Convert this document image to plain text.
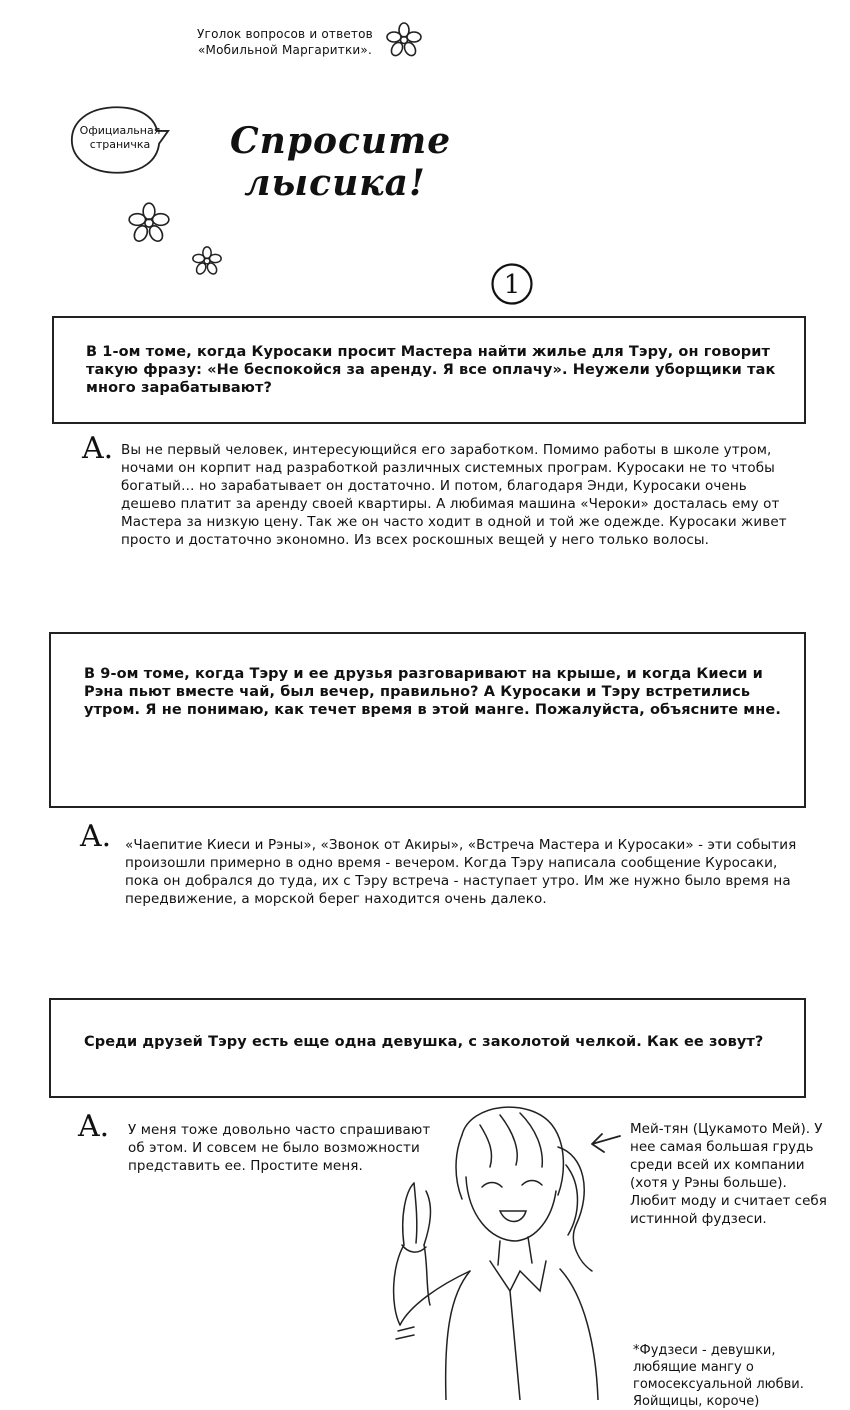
Уголок вопросов и ответов
«Мобильной Маргаритки».
Официальная
страничка	Спросите
лысика!
1
В 1-ом томе, когда Куросаки просит Мастера найти жилье для Тэру, он говорит такую фразу: «Не беспокойся за аренду. Я все оплачу». Неужели уборщики так много зарабатывают?
A. Вы не первый человек, интересующийся его заработком. Помимо работы в школе утром, ночами он корпит над разработкой различных системных програм. Куросаки не то чтобы богатый… но зарабатывает он достаточно. И потом, благодаря Энди, Куросаки очень дешево платит за аренду своей квартиры. А любимая машина «Чероки» досталась ему от Мастера за низкую цену. Так же он часто ходит в одной и той же одежде. Куросаки живет просто и достаточно экономно. Из всех роскошных вещей у него только волосы.
В 9-ом томе, когда Тэру и ее друзья разговаривают на крыше, и когда Киеси и Рэна пьют вместе чай, был вечер, правильно? А Куросаки и Тэру встретились утром. Я не понимаю, как течет время в этой манге. Пожалуйста, объясните мне.
A. «Чаепитие Киеси и Рэны», «Звонок от Акиры», «Встреча Мастера и Куросаки» - эти события произошли примерно в одно время - вечером. Когда Тэру написала сообщение Куросаки, пока он добрался до туда, их с Тэру встреча - наступает утро. Им же нужно было время на передвижение, а морской берег находится очень далеко.
Среди друзей Тэру есть еще одна девушка, с заколотой челкой. Как ее зовут?
A. У меня тоже довольно часто спрашивают об этом. И совсем не было возможности представить ее. Простите меня.
Мей-тян (Цукамото Мей). У нее самая большая грудь среди всей их компании (хотя у Рэны больше). Любит моду и считает себя истинной фудзеси.
*Фудзеси - девушки, любящие мангу о гомосексуальной любви. Яойщицы, короче)
